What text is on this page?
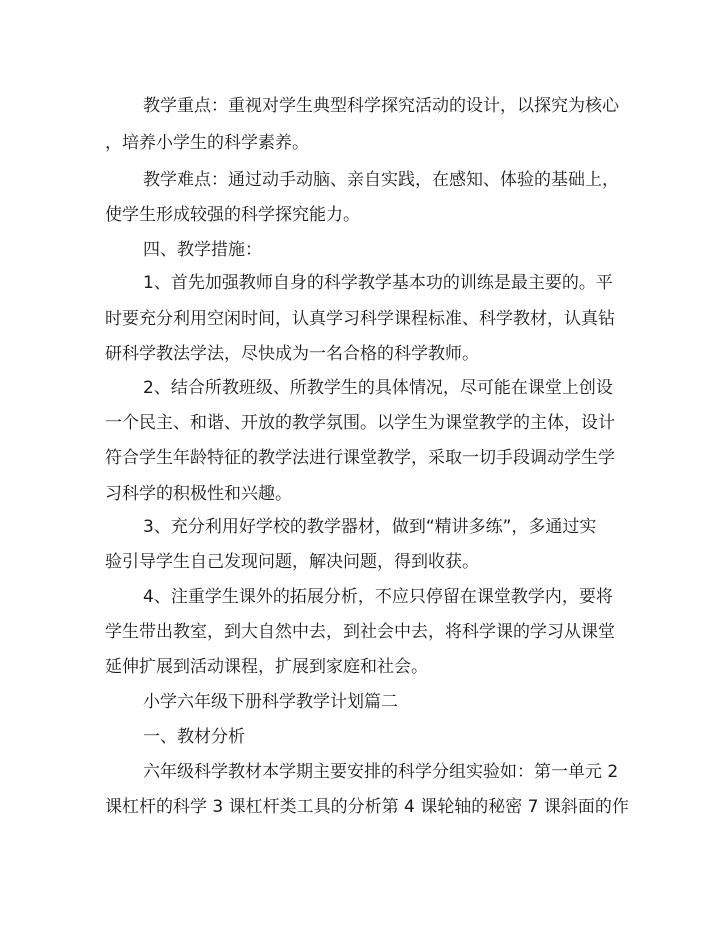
教学重点：重视对学生典型科学探究活动的设计，以探究为核心
，培养小学生的科学素养。
教学难点：通过动手动脑、亲自实践，在感知、体验的基础上，
使学生形成较强的科学探究能力。
四、教学措施：
1、首先加强教师自身的科学教学基本功的训练是最主要的。平
时要充分利用空闲时间，认真学习科学课程标准、科学教材，认真钻
研科学教法学法，尽快成为一名合格的科学教师。
2、结合所教班级、所教学生的具体情况，尽可能在课堂上创设
一个民主、和谐、开放的教学氛围。以学生为课堂教学的主体，设计
符合学生年龄特征的教学法进行课堂教学，采取一切手段调动学生学
习科学的积极性和兴趣。
3、充分利用好学校的教学器材，做到“精讲多练”，多通过实
验引导学生自己发现问题，解决问题，得到收获。
4、注重学生课外的拓展分析，不应只停留在课堂教学内，要将
学生带出教室，到大自然中去，到社会中去，将科学课的学习从课堂
延伸扩展到活动课程，扩展到家庭和社会。
小学六年级下册科学教学计划篇二
一、教材分析
六年级科学教材本学期主要安排的科学分组实验如：第一单元 2
课杠杆的科学 3 课杠杆类工具的分析第 4 课轮轴的秘密 7 课斜面的作
